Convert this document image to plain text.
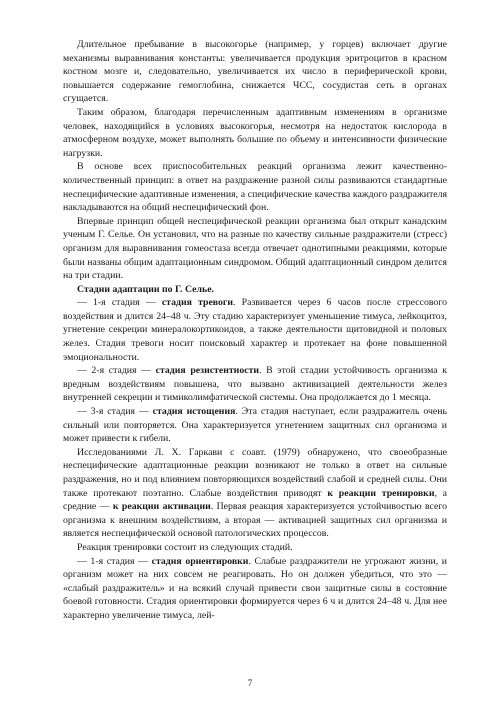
Длительное пребывание в высокогорье (например, у горцев) включает другие механизмы выравнивания константы: увеличивается продукция эритроцитов в красном костном мозге и, следовательно, увеличивается их число в периферической крови, повышается содержание гемоглобина, снижается ЧСС, сосудистая сеть в органах сгущается.

Таким образом, благодаря перечисленным адаптивным изменениям в организме человек, находящийся в условиях высокогорья, несмотря на недостаток кислорода в атмосферном воздухе, может выполнять большие по объему и интенсивности физические нагрузки.

В основе всех приспособительных реакций организма лежит качественно-количественный принцип: в ответ на раздражение разной силы развиваются стандартные неспецифические адаптивные изменения, а специфические качества каждого раздражителя накладываются на общий неспецифический фон.

Впервые принцип общей неспецифической реакции организма был открыт канадским ученым Г. Селье. Он установил, что на разные по качеству сильные раздражители (стресс) организм для выравнивания гомеостаза всегда отвечает однотипными реакциями, которые были названы общим адаптационным синдромом. Общий адаптационный синдром делится на три стадии.

Стадии адаптации по Г. Селье.

— 1-я стадия — стадия тревоги. Развивается через 6 часов после стрессового воздействия и длится 24–48 ч. Эту стадию характеризует уменьшение тимуса, лейкоцитоз, угнетение секреции минералокортикоидов, а также деятельности щитовидной и половых желез. Стадия тревоги носит поисковый характер и протекает на фоне повышенной эмоциональности.

— 2-я стадия — стадия резистентности. В этой стадии устойчивость организма к вредным воздействиям повышена, что вызвано активизацией деятельности желез внутренней секреции и тимиколимфатической системы. Она продолжается до 1 месяца.

— 3-я стадия — стадия истощения. Эта стадия наступает, если раздражитель очень сильный или повторяется. Она характеризуется угнетением защитных сил организма и может привести к гибели.

Исследованиями Л. Х. Гаркави с соавт. (1979) обнаружено, что своеобразные неспецифические адаптационные реакции возникают не только в ответ на сильные раздражения, но и под влиянием повторяющихся воздействий слабой и средней силы. Они также протекают поэтапно. Слабые воздействия приводят к реакции тренировки, а средние — к реакции активации. Первая реакция характеризуется устойчивостью всего организма к внешним воздействиям, а вторая — активацией защитных сил организма и является неспецифической основой патологических процессов.

Реакция тренировки состоит из следующих стадий.

— 1-я стадия — стадия ориентировки. Слабые раздражители не угрожают жизни, и организм может на них совсем не реагировать. Но он должен убедиться, что это — «слабый раздражитель» и на всякий случай привести свои защитные силы в состояние боевой готовности. Стадия ориентировки формируется через 6 ч и длится 24–48 ч. Для нее характерно увеличение тимуса, лей-

7
